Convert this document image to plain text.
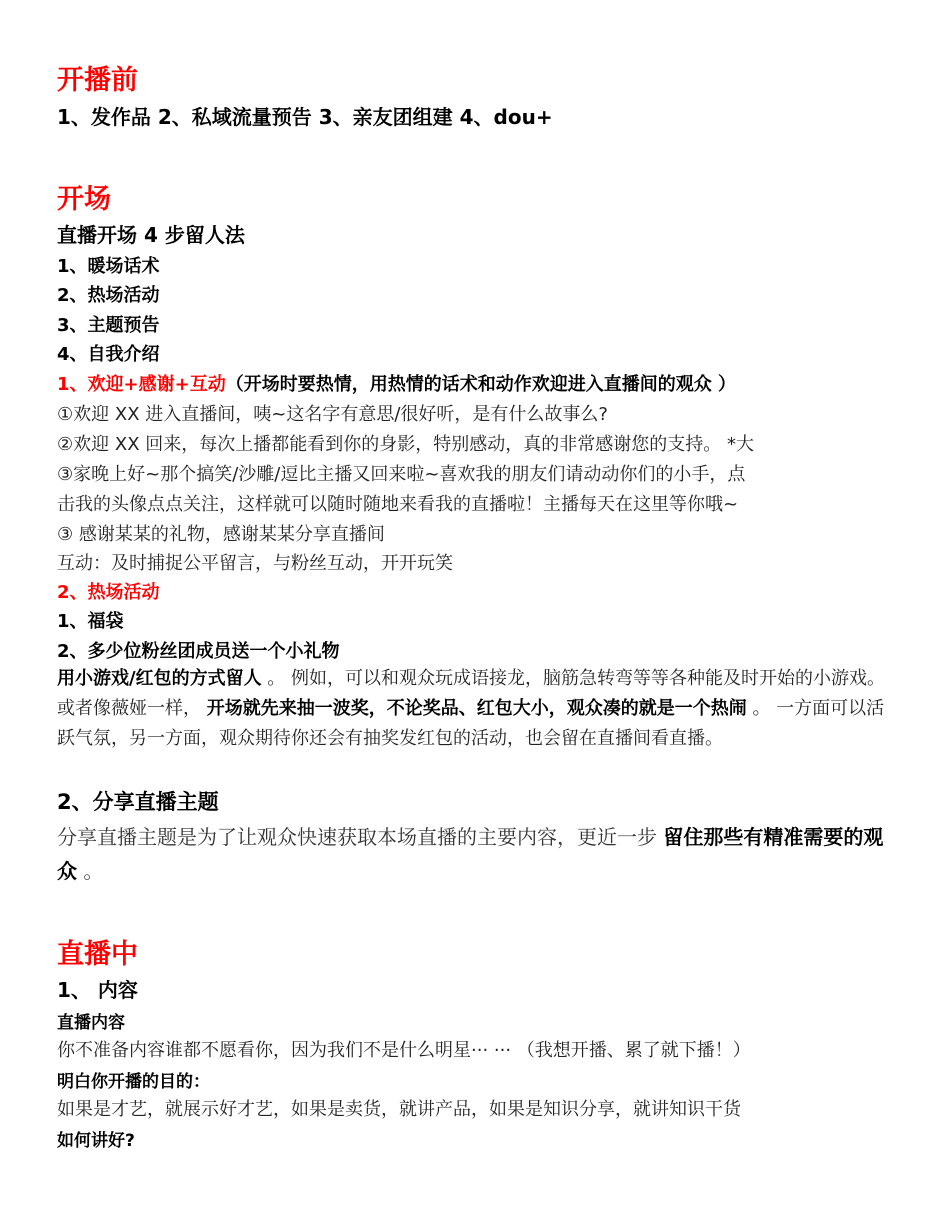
开播前
1、发作品 2、私域流量预告 3、亲友团组建 4、dou+
开场
直播开场 4 步留人法
1、暖场话术
2、热场活动
3、主题预告
4、自我介绍
1、欢迎+感谢+互动（开场时要热情，用热情的话术和动作欢迎进入直播间的观众 ）
①欢迎 XX 进入直播间，咦~这名字有意思/很好听，是有什么故事么?
②欢迎 XX 回来，每次上播都能看到你的身影，特别感动，真的非常感谢您的支持。 *大
③家晚上好~那个搞笑/沙雕/逗比主播又回来啦~喜欢我的朋友们请动动你们的小手，点
击我的头像点点关注，这样就可以随时随地来看我的直播啦！主播每天在这里等你哦~
③ 感谢某某的礼物，感谢某某分享直播间
互动：及时捕捉公平留言，与粉丝互动，开开玩笑
2、热场活动
1、福袋
2、多少位粉丝团成员送一个小礼物
用小游戏/红包的方式留人 。 例如，可以和观众玩成语接龙，脑筋急转弯等等各种能及时开始的小游戏。 或者像薇娅一样， 开场就先来抽一波奖，不论奖品、红包大小，观众凑的就是一个热闹 。 一方面可以活跃气氛，另一方面，观众期待你还会有抽奖发红包的活动，也会留在直播间看直播。
2、分享直播主题
分享直播主题是为了让观众快速获取本场直播的主要内容，更近一步 留住那些有精准需要的观众 。
直播中
1、 内容
直播内容
你不准备内容谁都不愿看你，因为我们不是什么明星··· ··· （我想开播、累了就下播！）
明白你开播的目的：
如果是才艺，就展示好才艺，如果是卖货，就讲产品，如果是知识分享，就讲知识干货
如何讲好?
